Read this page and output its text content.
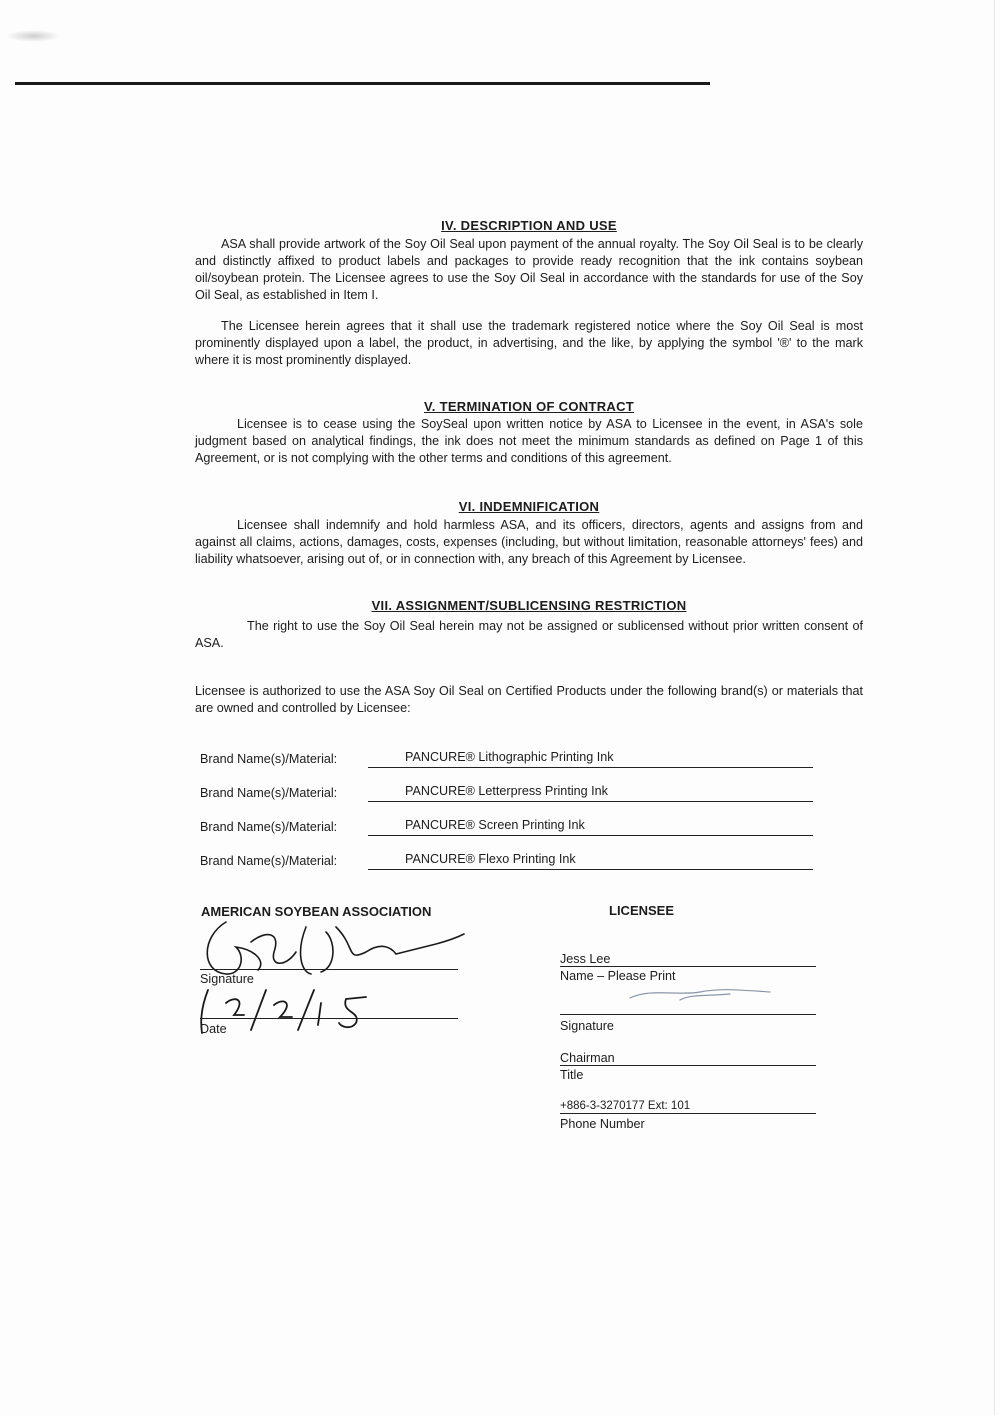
IV. DESCRIPTION AND USE

ASA shall provide artwork of the Soy Oil Seal upon payment of the annual royalty. The Soy Oil Seal is to be clearly and distinctly affixed to product labels and packages to provide ready recognition that the ink contains soybean oil/soybean protein. The Licensee agrees to use the Soy Oil Seal in accordance with the standards for use of the Soy Oil Seal, as established in Item I.

The Licensee herein agrees that it shall use the trademark registered notice where the Soy Oil Seal is most prominently displayed upon a label, the product, in advertising, and the like, by applying the symbol '®' to the mark where it is most prominently displayed.

V. TERMINATION OF CONTRACT

Licensee is to cease using the SoySeal upon written notice by ASA to Licensee in the event, in ASA's sole judgment based on analytical findings, the ink does not meet the minimum standards as defined on Page 1 of this Agreement, or is not complying with the other terms and conditions of this agreement.

VI. INDEMNIFICATION

Licensee shall indemnify and hold harmless ASA, and its officers, directors, agents and assigns from and against all claims, actions, damages, costs, expenses (including, but without limitation, reasonable attorneys' fees) and liability whatsoever, arising out of, or in connection with, any breach of this Agreement by Licensee.

VII. ASSIGNMENT/SUBLICENSING RESTRICTION

The right to use the Soy Oil Seal herein may not be assigned or sublicensed without prior written consent of ASA.

Licensee is authorized to use the ASA Soy Oil Seal on Certified Products under the following brand(s) or materials that are owned and controlled by Licensee:

Brand Name(s)/Material:	PANCURE® Lithographic Printing Ink
Brand Name(s)/Material:	PANCURE® Letterpress Printing Ink
Brand Name(s)/Material:	PANCURE® Screen Printing Ink
Brand Name(s)/Material:	PANCURE® Flexo Printing Ink
AMERICAN SOYBEAN ASSOCIATION
Signature
Date
LICENSEE
Jess Lee
Name – Please Print
Signature
Chairman
Title
+886-3-3270177 Ext: 101
Phone Number
